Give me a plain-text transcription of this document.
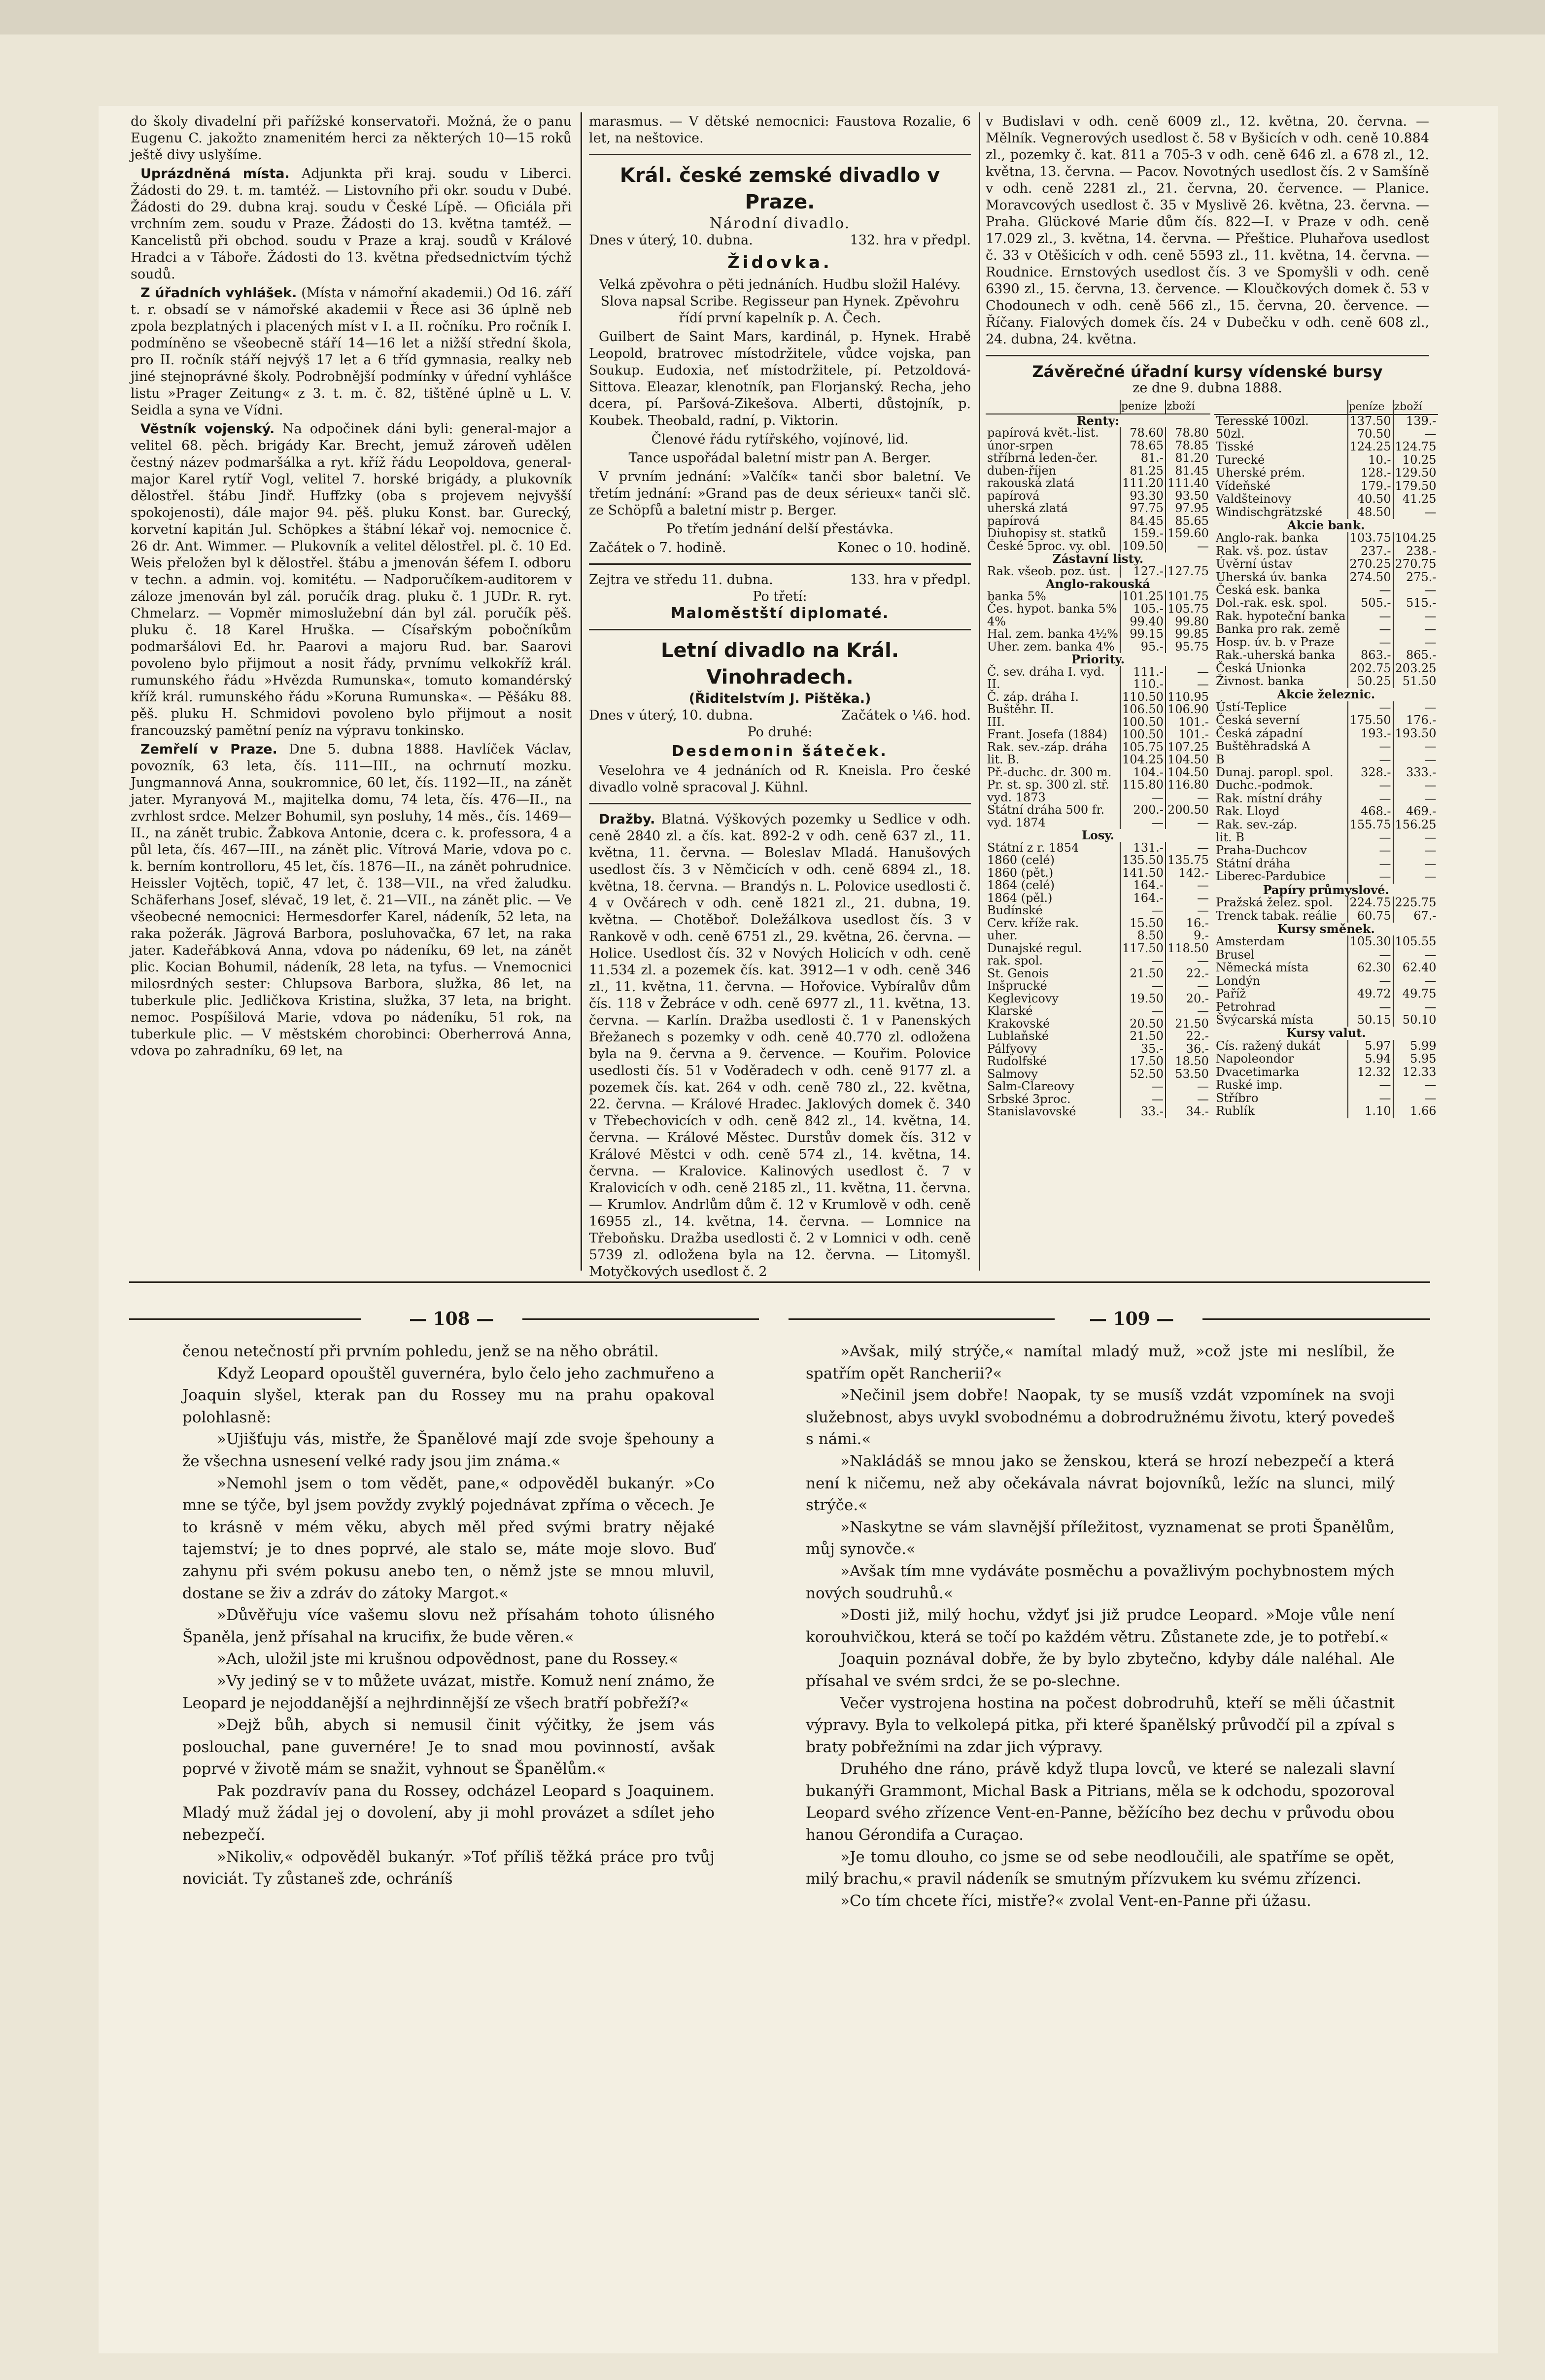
do školy divadelní při pařížské konservatoři. Možná, že o panu Eugenu C. jakožto znamenitém herci za některých 10—15 roků ještě divy uslyšíme.

Uprázdněná místa. Adjunkta při kraj. soudu v Liberci. Žádosti do 29. t. m. tamtéž. — Listovního při okr. soudu v Dubé. Žádosti do 29. dubna kraj. soudu v České Lípě. — Oficiála při vrchním zem. soudu v Praze. Žádosti do 13. května tamtéž. — Kancelistů při obchod. soudu v Praze a kraj. soudů v Králové Hradci a v Táboře. Žádosti do 13. května předsednictvím týchž soudů.

Z úřadních vyhlášek. (Místa v námořní akademii.) Od 16. září t. r. obsadí se v námořské akademii v Řece asi 36 úplně neb zpola bezplatných i placených míst v I. a II. ročníku. Pro ročník I. podmíněno se všeobecně stáří 14—16 let a nižší střední škola, pro II. ročník stáří nejvýš 17 let a 6 tříd gymnasia, realky neb jiné stejnoprávné školy. Podrobnější podmínky v úřední vyhlášce listu »Prager Zeitung« z 3. t. m. č. 82, tištěné úplně u L. V. Seidla a syna ve Vídni.

Věstník vojenský. Na odpočinek dáni byli: general-major a velitel 68. pěch. brigády Kar. Brecht, jemuž zároveň udělen čestný název podmaršálka a ryt. kříž řádu Leopoldova, general-major Karel rytíř Vogl, velitel 7. horské brigády, a plukovník dělostřel. štábu Jindř. Huffzky (oba s projevem nejvyšší spokojenosti), dále major 94. pěš. pluku Konst. bar. Gurecký, korvetní kapitán Jul. Schöpkes a štábní lékař voj. nemocnice č. 26 dr. Ant. Wimmer. — Plukovník a velitel dělostřel. pl. č. 10 Ed. Weis přeložen byl k dělostřel. štábu a jmenován šéfem I. odboru v techn. a admin. voj. komitétu. — Nadporučíkem-auditorem v záloze jmenován byl zál. poručík drag. pluku č. 1 JUDr. R. ryt. Chmelarz. — Vopměr mimoslužební dán byl zál. poručík pěš. pluku č. 18 Karel Hruška. — Císařským pobočníkům podmaršálovi Ed. hr. Paarovi a majoru Rud. bar. Saarovi povoleno bylo přijmout a nosit řády, prvnímu velkokříž král. rumunského řádu »Hvězda Rumunska«, tomuto komandérský kříž král. rumunského řádu »Koruna Rumunska«. — Pěšáku 88. pěš. pluku H. Schmidovi povoleno bylo přijmout a nosit francouzský pamětní peníz na výpravu tonkinsko.

Zemřelí v Praze. Dne 5. dubna 1888. Havlíček Václav, povozník, 63 leta, čís. 111—III., na ochrnutí mozku. Jungmannová Anna, soukromnice, 60 let, čís. 1192—II., na zánět jater. Myranyová M., majitelka domu, 74 leta, čís. 476—II., na zvrhlost srdce. Melzer Bohumil, syn posluhy, 14 měs., čís. 1469—II., na zánět trubic. Žabkova Antonie, dcera c. k. professora, 4 a půl leta, čís. 467—III., na zánět plic. Vítrová Marie, vdova po c. k. berním kontrolloru, 45 let, čís. 1876—II., na zánět pohrudnice. Heissler Vojtěch, topič, 47 let, č. 138—VII., na vřed žaludku. Schäferhans Josef, slévač, 19 let, č. 21—VII., na zánět plic. — Ve všeobecné nemocnici: Hermesdorfer Karel, nádeník, 52 leta, na raka požerák. Jägrová Barbora, posluhovačka, 67 let, na raka jater. Kadeřábková Anna, vdova po nádeníku, 69 let, na zánět plic. Kocian Bohumil, nádeník, 28 leta, na tyfus. — Vnemocnici milosrdných sester: Chlupsova Barbora, služka, 86 let, na tuberkule plic. Jedličkova Kristina, služka, 37 leta, na bright. nemoc. Pospíšilová Marie, vdova po nádeníku, 51 rok, na tuberkule plic. — V městském chorobinci: Oberherrová Anna, vdova po zahradníku, 69 let, na

marasmus. — V dětské nemocnici: Faustova Rozalie, 6 let, na neštovice.

Král. české zemské divadlo v Praze.
Národní divadlo.
Dnes v úterý, 10. dubna.	132. hra v předpl.
Židovka.

Velká zpěvohra o pěti jednáních. Hudbu složil Halévy. Slova napsal Scribe. Regisseur pan Hynek. Zpěvohru řídí první kapelník p. A. Čech.

Guilbert de Saint Mars, kardinál, p. Hynek. Hrabě Leopold, bratrovec místodržitele, vůdce vojska, pan Soukup. Eudoxia, neť místodržitele, pí. Petzoldová-Sittova. Eleazar, klenotník, pan Florjanský. Recha, jeho dcera, pí. Paršová-Zikešova. Alberti, důstojník, p. Koubek. Theobald, radní, p. Viktorin.

Členové řádu rytířského, vojínové, lid.

Tance uspořádal baletní mistr pan A. Berger.

V prvním jednání: »Valčík« tanči sbor baletní. Ve třetím jednání: »Grand pas de deux sérieux« tanči slč. ze Schöpfů a baletní mistr p. Berger.

Po třetím jednání delší přestávka.

Začátek o 7. hodině.	Konec o 10. hodině.
Zejtra ve středu 11. dubna.	133. hra v předpl.
Po třetí:
Maloměstští diplomaté.
Letní divadlo na Král. Vinohradech.
(Řiditelstvím J. Pištěka.)
Dnes v úterý, 10. dubna.	Začátek o ¼6. hod.
Po druhé:
Desdemonin šáteček.

Veselohra ve 4 jednáních od R. Kneisla. Pro české divadlo volně spracoval J. Kühnl.

Dražby. Blatná. Výškových pozemky u Sedlice v odh. ceně 2840 zl. a čís. kat. 892-2 v odh. ceně 637 zl., 11. května, 11. června. — Boleslav Mladá. Hanušových usedlost čís. 3 v Němčicích v odh. ceně 6894 zl., 18. května, 18. června. — Brandýs n. L. Polovice usedlosti č. 4 v Ovčárech v odh. ceně 1821 zl., 21. dubna, 19. května. — Chotěboř. Doležálkova usedlost čís. 3 v Rankově v odh. ceně 6751 zl., 29. května, 26. června. — Holice. Usedlost čís. 32 v Nových Holicích v odh. ceně 11.534 zl. a pozemek čís. kat. 3912—1 v odh. ceně 346 zl., 11. května, 11. června. — Hořovice. Vybíralův dům čís. 118 v Žebráce v odh. ceně 6977 zl., 11. května, 13. června. — Karlín. Dražba usedlosti č. 1 v Panenských Břežanech s pozemky v odh. ceně 40.770 zl. odložena byla na 9. června a 9. července. — Kouřim. Polovice usedlosti čís. 51 v Voděradech v odh. ceně 9177 zl. a pozemek čís. kat. 264 v odh. ceně 780 zl., 22. května, 22. června. — Králové Hradec. Jaklových domek č. 340 v Třebechovicích v odh. ceně 842 zl., 14. května, 14. června. — Králové Městec. Durstův domek čís. 312 v Králové Městci v odh. ceně 574 zl., 14. května, 14. června. — Kralovice. Kalinových usedlost č. 7 v Kralovicích v odh. ceně 2185 zl., 11. května, 11. června. — Krumlov. Andrlům dům č. 12 v Krumlově v odh. ceně 16955 zl., 14. května, 14. června. — Lomnice na Třeboňsku. Dražba usedlosti č. 2 v Lomnici v odh. ceně 5739 zl. odložena byla na 12. června. — Litomyšl. Motyčkových usedlost č. 2

v Budislavi v odh. ceně 6009 zl., 12. května, 20. června. — Mělník. Vegnerových usedlost č. 58 v Byšicích v odh. ceně 10.884 zl., pozemky č. kat. 811 a 705-3 v odh. ceně 646 zl. a 678 zl., 12. května, 13. června. — Pacov. Novotných usedlost čís. 2 v Samšíně v odh. ceně 2281 zl., 21. června, 20. července. — Planice. Moravcových usedlost č. 35 v Myslivě 26. května, 23. června. — Praha. Glückové Marie dům čís. 822—I. v Praze v odh. ceně 17.029 zl., 3. května, 14. června. — Přeštice. Pluhařova usedlost č. 33 v Otěšicích v odh. ceně 5593 zl., 11. května, 14. června. — Roudnice. Ernstových usedlost čís. 3 ve Spomyšli v odh. ceně 6390 zl., 15. června, 13. července. — Kloučkových domek č. 53 v Chodounech v odh. ceně 566 zl., 15. června, 20. července. — Říčany. Fialových domek čís. 24 v Dubečku v odh. ceně 608 zl., 24. dubna, 24. května.

Závěrečné úřadní kursy vídenské bursy
ze dne 9. dubna 1888.
	peníze	zboží
Renty:		
papírová květ.-list.	78.60	78.80
únor-srpen	78.65	78.85
stříbrná leden-čer.	81.-	81.20
duben-říjen	81.25	81.45
rakouská zlatá	111.20	111.40
papírová	93.30	93.50
uherská zlatá	97.75	97.95
papírová	84.45	85.65
Diuhopisy st. statků	159.-	159.60
České 5proc. vy. obl.	109.50	—
Zástavní listy.		
Rak. všeob. poz. úst.	127.-	127.75
Anglo-rakouská		
banka 5%	101.25	101.75
Čes. hypot. banka 5%	105.-	105.75
4%	99.40	99.80
Hal. zem. banka 4½%	99.15	99.85
Uher. zem. banka 4%	95.-	95.75
Priority.		
Č. sev. dráha I. vyd.	111.-	—
II.	110.-	—
Č. záp. dráha I.	110.50	110.95
Buštěhr. II.	106.50	106.90
III.	100.50	101.-
Frant. Josefa (1884)	100.50	101.-
Rak. sev.-záp. dráha	105.75	107.25
lit. B.	104.25	104.50
Př.-duchc. dr. 300 m.	104.-	104.50
Pr. st. sp. 300 zl. stř.	115.80	116.80
vyd. 1873	—	—
Státní dráha 500 fr.	200.-	200.50
vyd. 1874	—	—
Losy.		
Státní z r. 1854	131.-	—
1860 (celé)	135.50	135.75
1860 (pět.)	141.50	142.-
1864 (celé)	164.-	—
1864 (pěl.)	164.-	—
Budínské	—	—
Cerv. kříže rak.	15.50	16.-
uher.	8.50	9.-
Dunajské regul.	117.50	118.50
rak. spol.	—	—
St. Genois	21.50	22.-
Inšprucké	—	—
Keglevicovy	19.50	20.-
Klarské	—	—
Krakovské	20.50	21.50
Lublaňské	21.50	22.-
Pálfyovy	35.-	36.-
Rudolfské	17.50	18.50
Salmovy	52.50	53.50
Salm-Clareovy	—	—
Srbské 3proc.	—	—
Stanislavovské	33.-	34.-
	peníze	zboží
Teresské 100zl.	137.50	139.-
50zl.	70.50	—
Tisské	124.25	124.75
Turecké	10.-	10.25
Uherské prém.	128.-	129.50
Vídeňské	179.-	179.50
Valdšteinovy	40.50	41.25
Windischgrätzské	48.50	—
Akcie bank.		
Anglo-rak. banka	103.75	104.25
Rak. vš. poz. ústav	237.-	238.-
Úvěrní ústav	270.25	270.75
Uherská úv. banka	274.50	275.-
Česká esk. banka	—	—
Dol.-rak. esk. spol.	505.-	515.-
Rak. hypoteční banka	—	—
Banka pro rak. země	—	—
Hosp. úv. b. v Praze	—	—
Rak.-uherská banka	863.-	865.-
Česká Unionka	202.75	203.25
Živnost. banka	50.25	51.50
Akcie železnic.		
Ústí-Teplice	—	—
Česká severní	175.50	176.-
Česká západní	193.-	193.50
Buštěhradská A	—	—
B	—	—
Dunaj. paropl. spol.	328.-	333.-
Duchc.-podmok.	—	—
Rak. místní dráhy	—	—
Rak. Lloyd	468.-	469.-
Rak. sev.-záp.	155.75	156.25
lit. B	—	—
Praha-Duchcov	—	—
Státní dráha	—	—
Liberec-Pardubice	—	—
Papíry průmyslové.		
Pražská želez. spol.	224.75	225.75
Trenck tabak. reálie	60.75	67.-
Kursy směnek.		
Amsterdam	105.30	105.55
Brusel	—	—
Německá místa	62.30	62.40
Londýn	—	—
Paříž	49.72	49.75
Petrohrad	—	—
Švýcarská místa	50.15	50.10
Kursy valut.		
Cís. ražený dukát	5.97	5.99
Napoleondor	5.94	5.95
Dvacetimarka	12.32	12.33
Ruské imp.	—	—
Stříbro	—	—
Rublík	1.10	1.66
— 108 —	— 109 —

čenou netečností při prvním pohledu, jenž se na něho obrátil.

Když Leopard opouštěl guvernéra, bylo čelo jeho zachmuřeno a Joaquin slyšel, kterak pan du Rossey mu na prahu opakoval polohlasně:

»Ujišťuju vás, mistře, že Španělové mají zde svoje špehouny a že všechna usnesení velké rady jsou jim známa.«

»Nemohl jsem o tom vědět, pane,« odpověděl bukanýr. »Co mne se týče, byl jsem povždy zvyklý pojednávat zpříma o věcech. Je to krásně v mém věku, abych měl před svými bratry nějaké tajemství; je to dnes poprvé, ale stalo se, máte moje slovo. Buď zahynu při svém pokusu anebo ten, o němž jste se mnou mluvil, dostane se živ a zdráv do zátoky Margot.«

»Důvěřuju více vašemu slovu než přísahám tohoto úlisného Španěla, jenž přísahal na krucifix, že bude věren.«

»Ach, uložil jste mi krušnou odpovědnost, pane du Rossey.«

»Vy jediný se v to můžete uvázat, mistře. Komuž není známo, že Leopard je nejoddanější a nejhrdinnější ze všech bratří pobřeží?«

»Dejž bůh, abych si nemusil činit výčitky, že jsem vás poslouchal, pane guvernére! Je to snad mou povinností, avšak poprvé v životě mám se snažit, vyhnout se Španělům.«

Pak pozdravív pana du Rossey, odcházel Leopard s Joaquinem. Mladý muž žádal jej o dovolení, aby ji mohl provázet a sdílet jeho nebezpečí.

»Nikoliv,« odpověděl bukanýr. »Toť příliš těžká práce pro tvůj noviciát. Ty zůstaneš zde, ochráníš

»Avšak, milý strýče,« namítal mladý muž, »což jste mi neslíbil, že spatřím opět Rancherii?«

»Nečinil jsem dobře! Naopak, ty se musíš vzdát vzpomínek na svoji služebnost, abys uvykl svobodnému a dobrodružnému životu, který povedeš s námi.«

»Nakládáš se mnou jako se ženskou, která se hrozí nebezpečí a která není k ničemu, než aby očekávala návrat bojovníků, ležíc na slunci, milý strýče.«

»Naskytne se vám slavnější příležitost, vyznamenat se proti Španělům, můj synovče.«

»Avšak tím mne vydáváte posměchu a považlivým pochybnostem mých nových soudruhů.«

»Dosti již, milý hochu, vždyť jsi již prudce Leopard. »Moje vůle není korouhvičkou, která se točí po každém větru. Zůstanete zde, je to potřebí.«

Joaquin poznával dobře, že by bylo zbytečno, kdyby dále naléhal. Ale přísahal ve svém srdci, že se po-slechne.

Večer vystrojena hostina na počest dobrodruhů, kteří se měli účastnit výpravy. Byla to velkolepá pitka, při které španělský průvodčí pil a zpíval s braty pobřežními na zdar jich výpravy.

Druhého dne ráno, právě když tlupa lovců, ve které se nalezali slavní bukanýři Grammont, Michal Bask a Pitrians, měla se k odchodu, spozoroval Leopard svého zřízence Vent-en-Panne, běžícího bez dechu v průvodu obou hanou Gérondifa a Curaçao.

»Je tomu dlouho, co jsme se od sebe neodloučili, ale spatříme se opět, milý brachu,« pravil nádeník se smutným přízvukem ku svému zřízenci.

»Co tím chcete říci, mistře?« zvolal Vent-en-Panne při úžasu.
